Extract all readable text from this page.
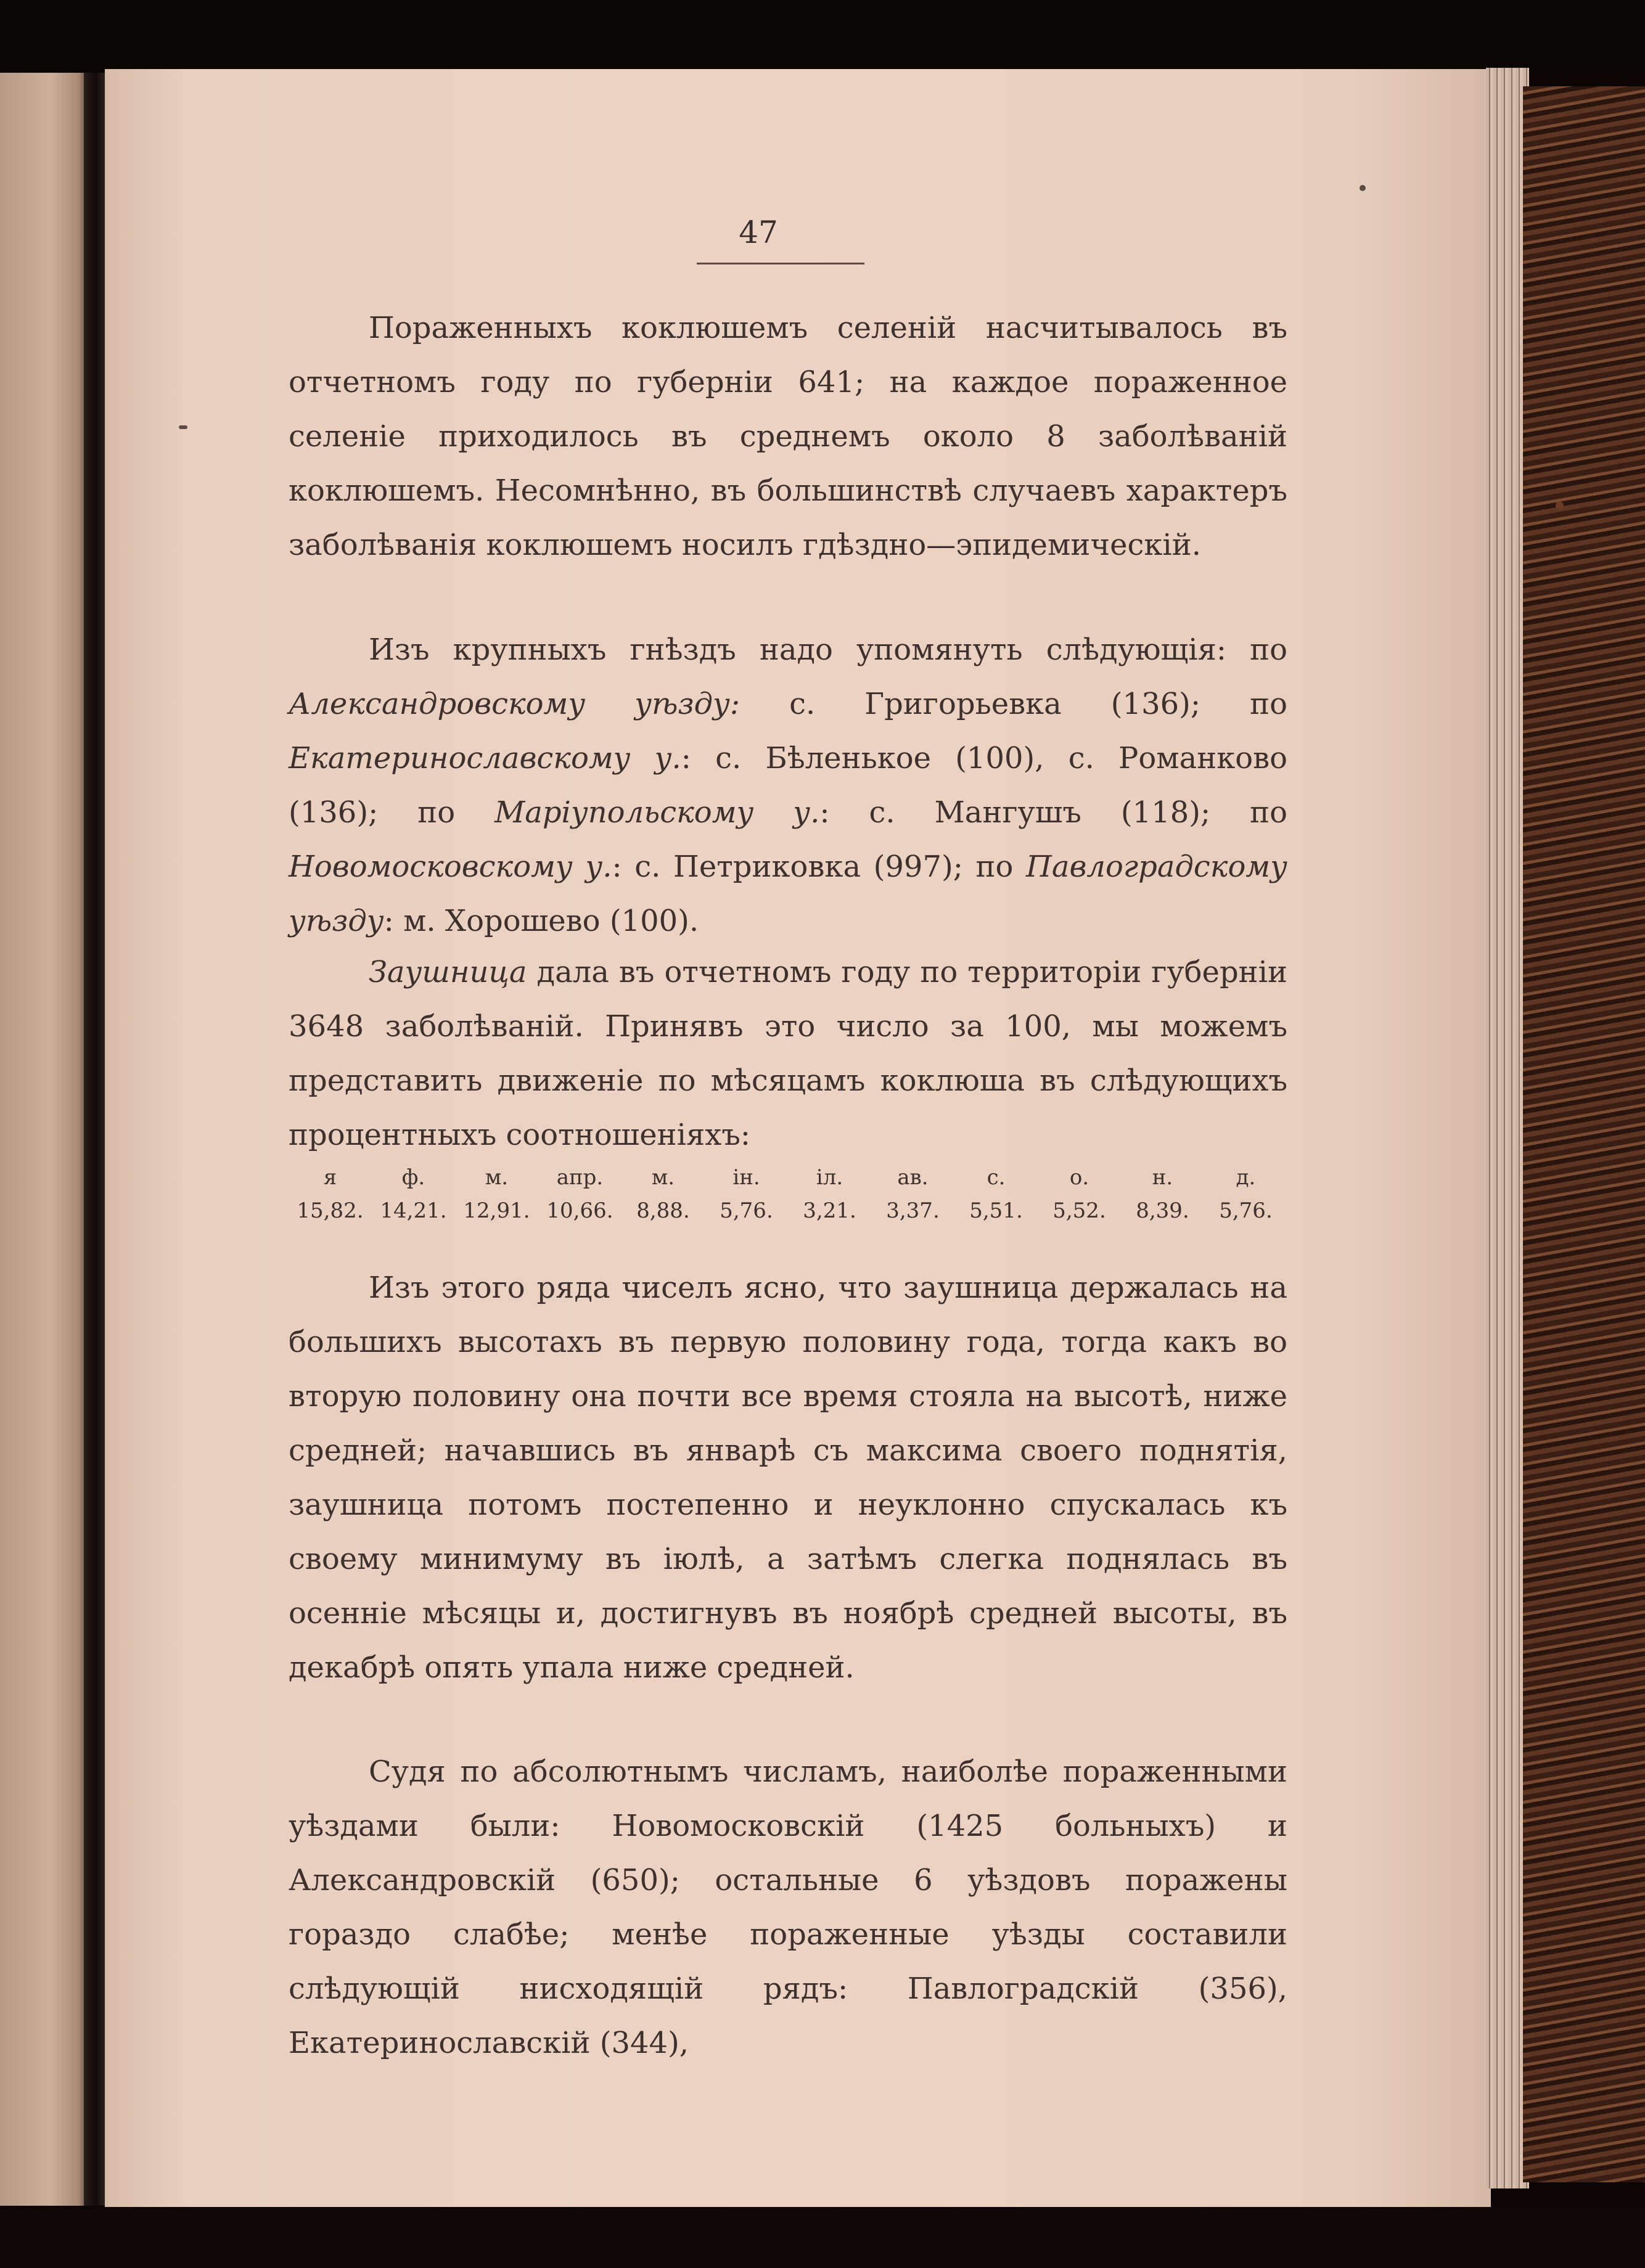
47

Пораженныхъ коклюшемъ селеній насчитывалось въ отчетномъ году по губерніи 641; на каждое пораженное селеніе приходилось въ среднемъ около 8 заболѣваній коклюшемъ. Несомнѣнно, въ большинствѣ случаевъ характеръ заболѣванія коклюшемъ носилъ гдѣздно—эпидемическій.

Изъ крупныхъ гнѣздъ надо упомянуть слѣдующія: по Александровскому уѣзду: с. Григорьевка (136); по Екатеринославскому у.: с. Бѣленькое (100), с. Романково (136); по Маріупольскому у.: с. Мангушъ (118); по Новомосковскому у.: с. Петриковка (997); по Павлоградскому уѣзду: м. Хорошево (100).

Заушница дала въ отчетномъ году по территоріи губерніи 3648 заболѣваній. Принявъ это число за 100, мы можемъ представить движеніе по мѣсяцамъ коклюша въ слѣдующихъ процентныхъ соотношеніяхъ:

я	ф.	м.	апр.	м.	ін.	іл.	ав.	с.	о.	н.	д.
15,82. 14,21. 12,91. 10,66.	8,88.	5,76.	3,21.	3,37.	5,51.	5,52.	8,39.	5,76.

Изъ этого ряда чиселъ ясно, что заушница держалась на большихъ высотахъ въ первую половину года, тогда какъ во вторую половину она почти все время стояла на высотѣ, ниже средней; начавшись въ январѣ съ максима своего поднятія, заушница потомъ постепенно и неуклонно спускалась къ своему минимуму въ іюлѣ, а затѣмъ слегка поднялась въ осенніе мѣсяцы и, достигнувъ въ ноябрѣ средней высоты, въ декабрѣ опять упала ниже средней.

Судя по абсолютнымъ числамъ, наиболѣе пораженными уѣздами были: Новомосковскій (1425 больныхъ) и Александровскій (650); остальные 6 уѣздовъ поражены гораздо слабѣе; менѣе пораженные уѣзды составили слѣдующій нисходящій рядъ: Павлоградскій (356), Екатеринославскій (344),
